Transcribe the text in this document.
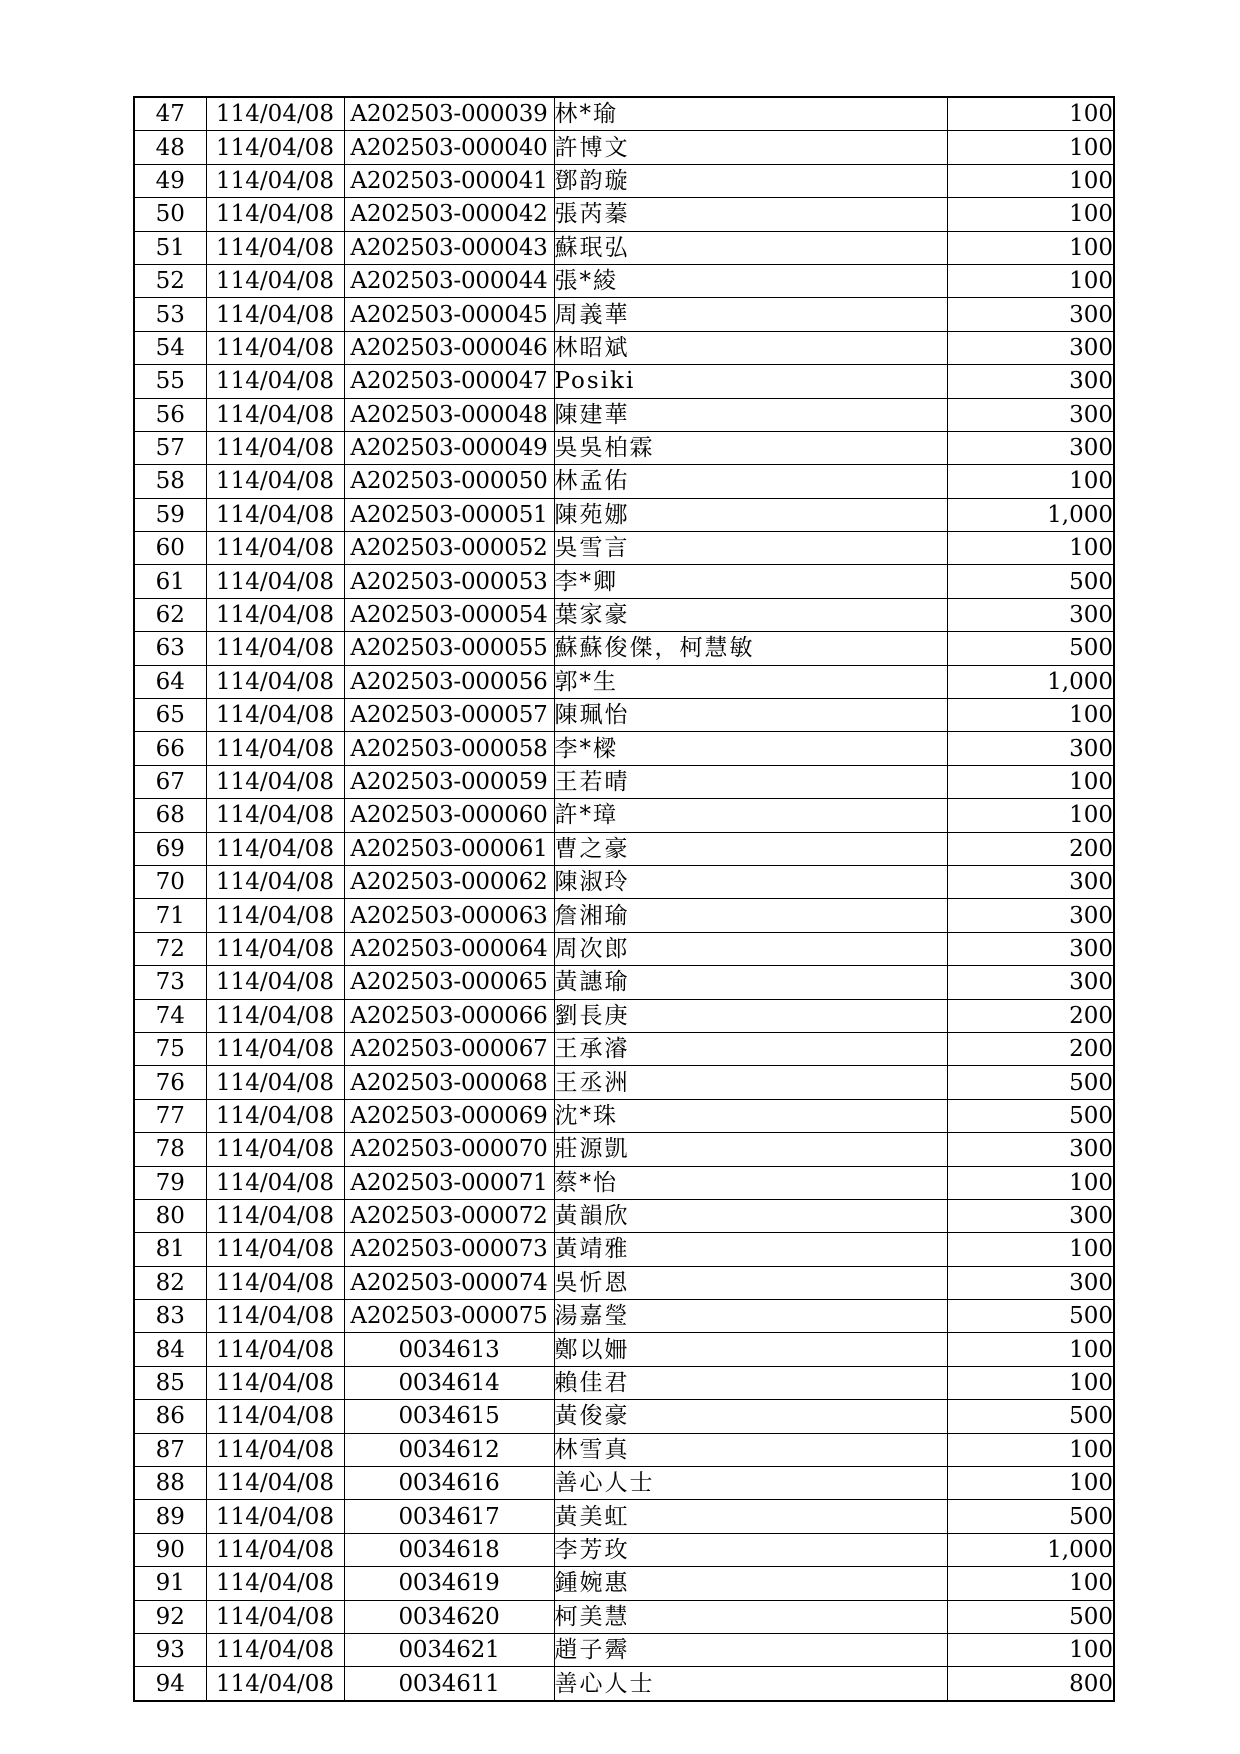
47	114/04/08	A202503-000039	林*瑜	100
48	114/04/08	A202503-000040	許博文	100
49	114/04/08	A202503-000041	鄧韵璇	100
50	114/04/08	A202503-000042	張芮蓁	100
51	114/04/08	A202503-000043	蘇珉弘	100
52	114/04/08	A202503-000044	張*綾	100
53	114/04/08	A202503-000045	周義華	300
54	114/04/08	A202503-000046	林昭斌	300
55	114/04/08	A202503-000047	Posiki	300
56	114/04/08	A202503-000048	陳建華	300
57	114/04/08	A202503-000049	吳吳柏霖	300
58	114/04/08	A202503-000050	林孟佑	100
59	114/04/08	A202503-000051	陳苑娜	1,000
60	114/04/08	A202503-000052	吳雪言	100
61	114/04/08	A202503-000053	李*卿	500
62	114/04/08	A202503-000054	葉家豪	300
63	114/04/08	A202503-000055	蘇蘇俊傑，柯慧敏	500
64	114/04/08	A202503-000056	郭*生	1,000
65	114/04/08	A202503-000057	陳珮怡	100
66	114/04/08	A202503-000058	李*樑	300
67	114/04/08	A202503-000059	王若晴	100
68	114/04/08	A202503-000060	許*璋	100
69	114/04/08	A202503-000061	曹之豪	200
70	114/04/08	A202503-000062	陳淑玲	300
71	114/04/08	A202503-000063	詹湘瑜	300
72	114/04/08	A202503-000064	周次郎	300
73	114/04/08	A202503-000065	黃譓瑜	300
74	114/04/08	A202503-000066	劉長庚	200
75	114/04/08	A202503-000067	王承濬	200
76	114/04/08	A202503-000068	王丞洲	500
77	114/04/08	A202503-000069	沈*珠	500
78	114/04/08	A202503-000070	莊源凱	300
79	114/04/08	A202503-000071	蔡*怡	100
80	114/04/08	A202503-000072	黃韻欣	300
81	114/04/08	A202503-000073	黃靖雅	100
82	114/04/08	A202503-000074	吳忻恩	300
83	114/04/08	A202503-000075	湯嘉瑩	500
84	114/04/08	0034613	鄭以姍	100
85	114/04/08	0034614	賴佳君	100
86	114/04/08	0034615	黃俊豪	500
87	114/04/08	0034612	林雪真	100
88	114/04/08	0034616	善心人士	100
89	114/04/08	0034617	黃美虹	500
90	114/04/08	0034618	李芳玫	1,000
91	114/04/08	0034619	鍾婉惠	100
92	114/04/08	0034620	柯美慧	500
93	114/04/08	0034621	趙子霽	100
94	114/04/08	0034611	善心人士	800
